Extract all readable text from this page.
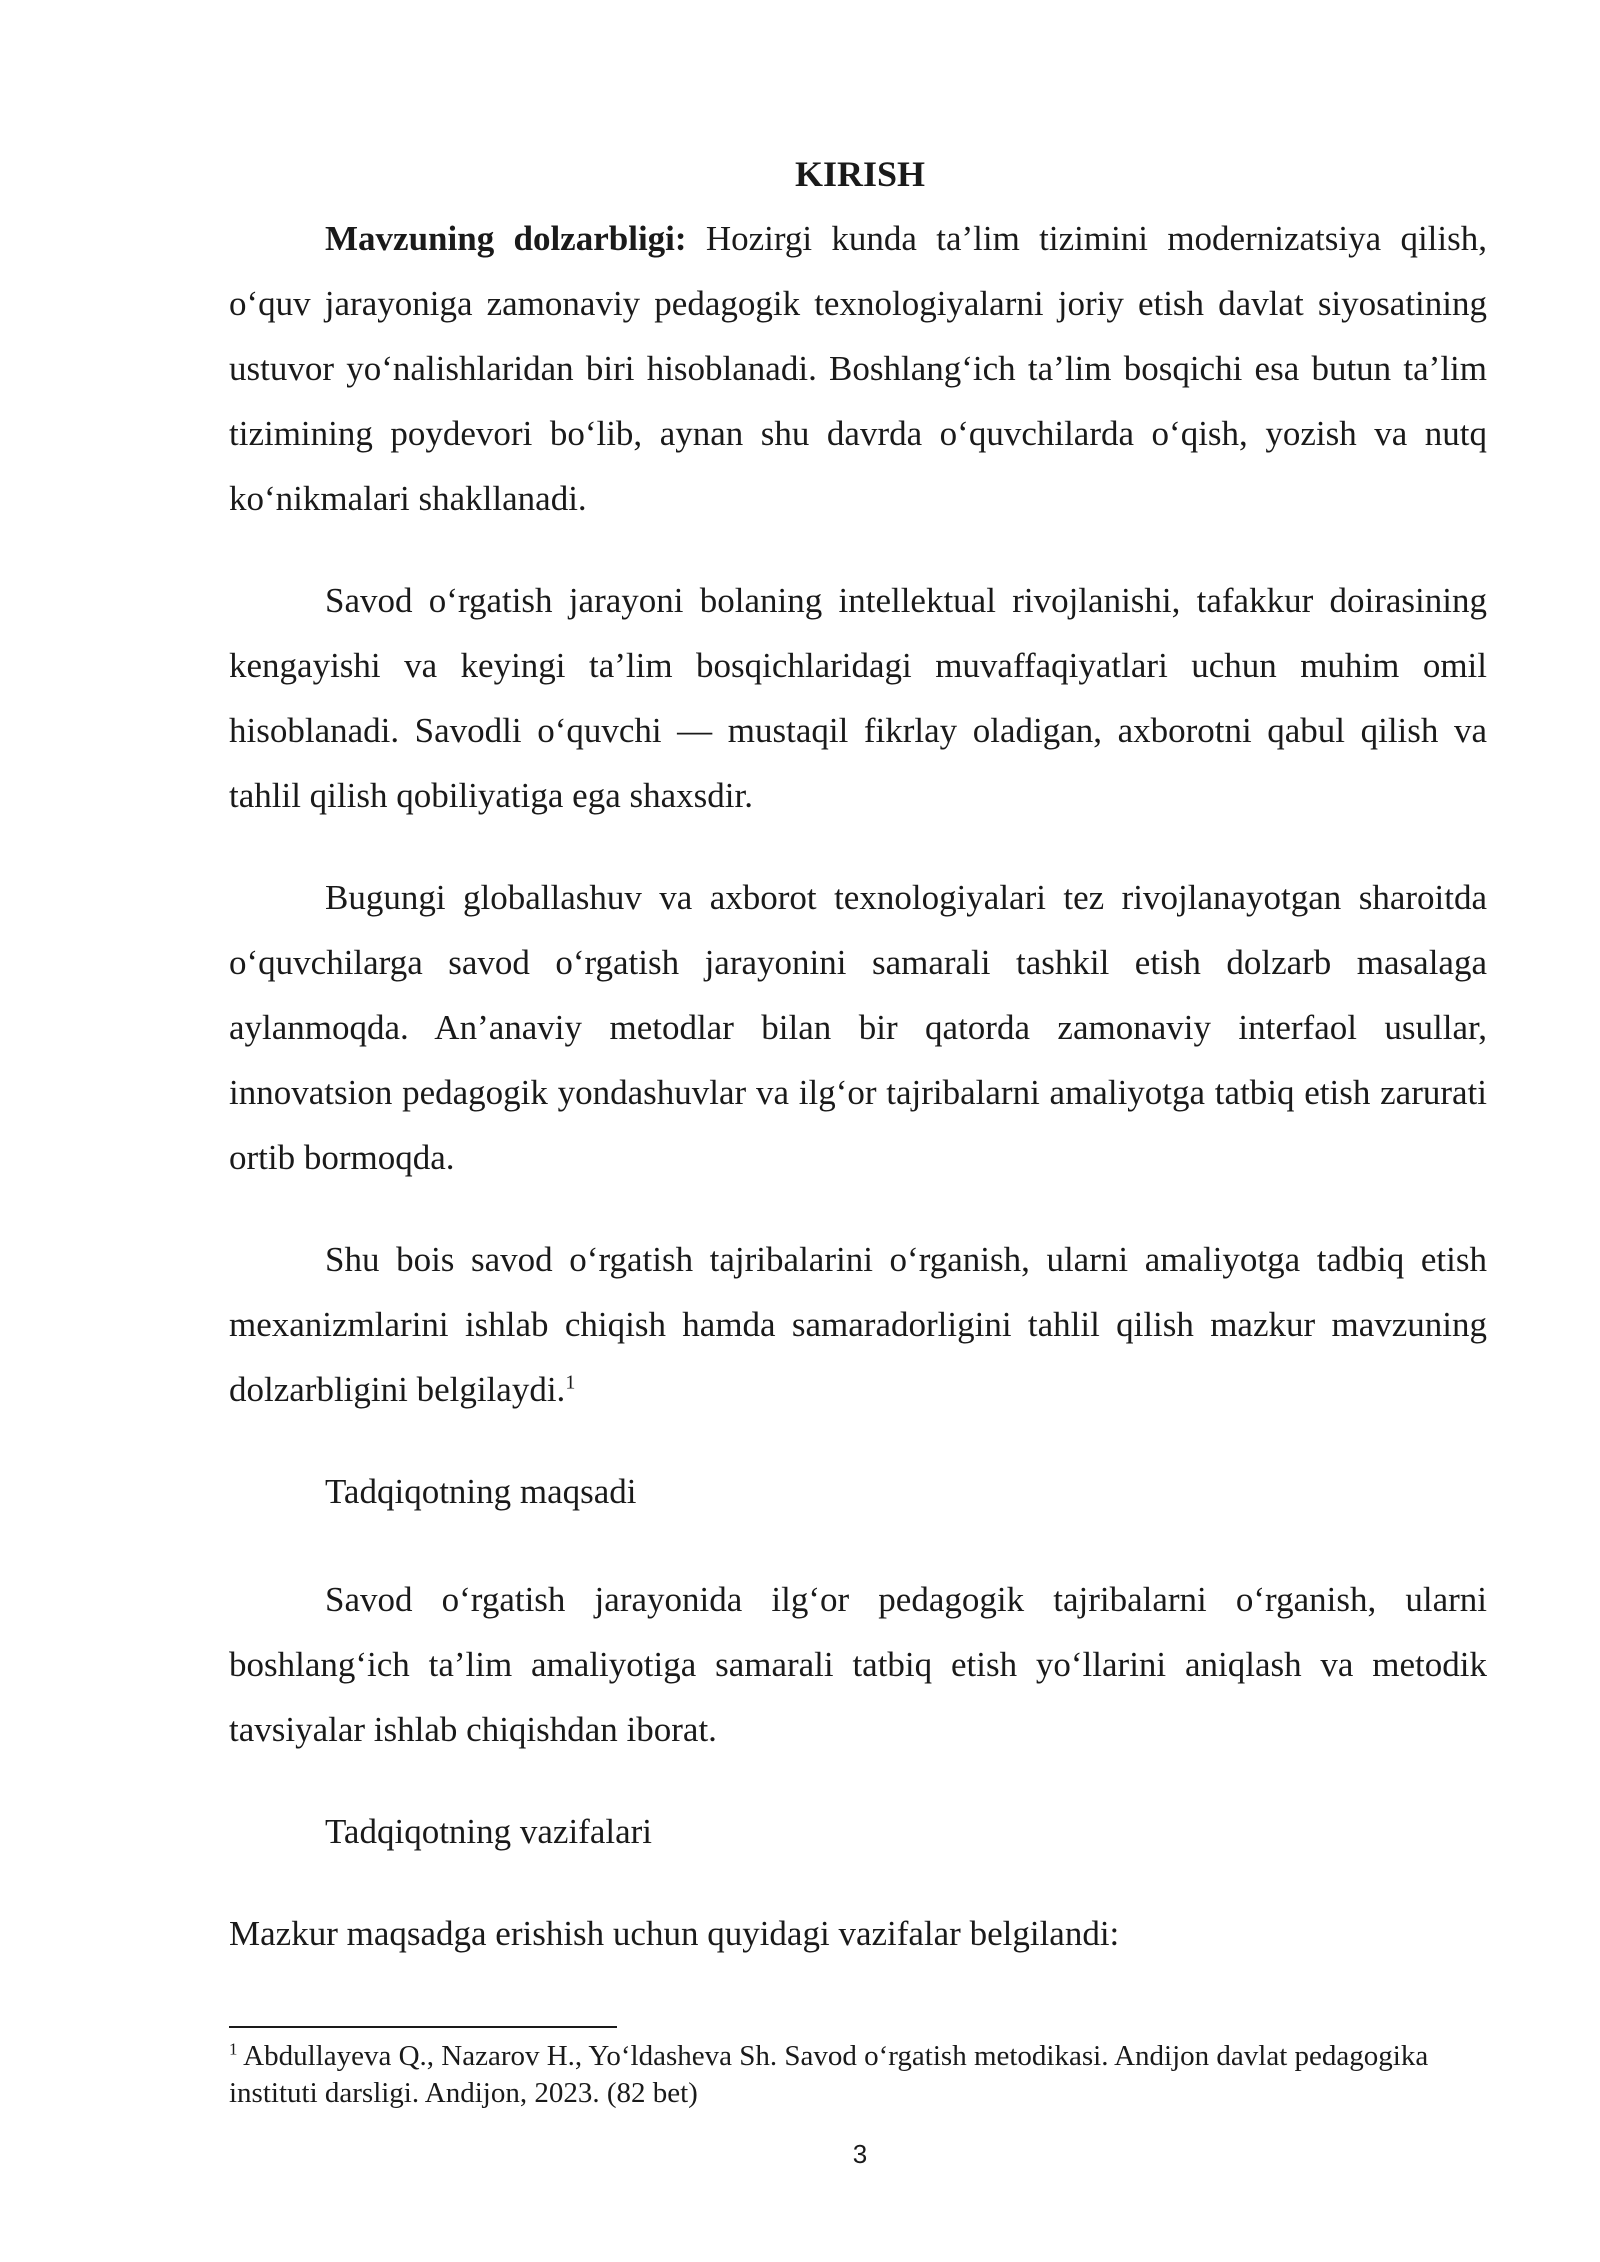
KIRISH

Mavzuning dolzarbligi: Hozirgi kunda ta’lim tizimini modernizatsiya qilish, o‘quv jarayoniga zamonaviy pedagogik texnologiyalarni joriy etish davlat siyosatining ustuvor yo‘nalishlaridan biri hisoblanadi. Boshlang‘ich ta’lim bosqichi esa butun ta’lim tizimining poydevori bo‘lib, aynan shu davrda o‘quvchilarda o‘qish, yozish va nutq ko‘nikmalari shakllanadi.

Savod o‘rgatish jarayoni bolaning intellektual rivojlanishi, tafakkur doirasining kengayishi va keyingi ta’lim bosqichlaridagi muvaffaqiyatlari uchun muhim omil hisoblanadi. Savodli o‘quvchi — mustaqil fikrlay oladigan, axborotni qabul qilish va tahlil qilish qobiliyatiga ega shaxsdir.

Bugungi globallashuv va axborot texnologiyalari tez rivojlanayotgan sharoitda o‘quvchilarga savod o‘rgatish jarayonini samarali tashkil etish dolzarb masalaga aylanmoqda. An’anaviy metodlar bilan bir qatorda zamonaviy interfaol usullar, innovatsion pedagogik yondashuvlar va ilg‘or tajribalarni amaliyotga tatbiq etish zarurati ortib bormoqda.

Shu bois savod o‘rgatish tajribalarini o‘rganish, ularni amaliyotga tadbiq etish mexanizmlarini ishlab chiqish hamda samaradorligini tahlil qilish mazkur mavzuning dolzarbligini belgilaydi.$^1$

Tadqiqotning maqsadi

Savod o‘rgatish jarayonida ilg‘or pedagogik tajribalarni o‘rganish, ularni boshlang‘ich ta’lim amaliyotiga samarali tatbiq etish yo‘llarini aniqlash va metodik tavsiyalar ishlab chiqishdan iborat.

Tadqiqotning vazifalari

Mazkur maqsadga erishish uchun quyidagi vazifalar belgilandi:

$^1$ Abdullayeva Q., Nazarov H., Yo‘ldasheva Sh. Savod o‘rgatish metodikasi. Andijon davlat pedagogika instituti darsligi. Andijon, 2023. (82 bet)
3
